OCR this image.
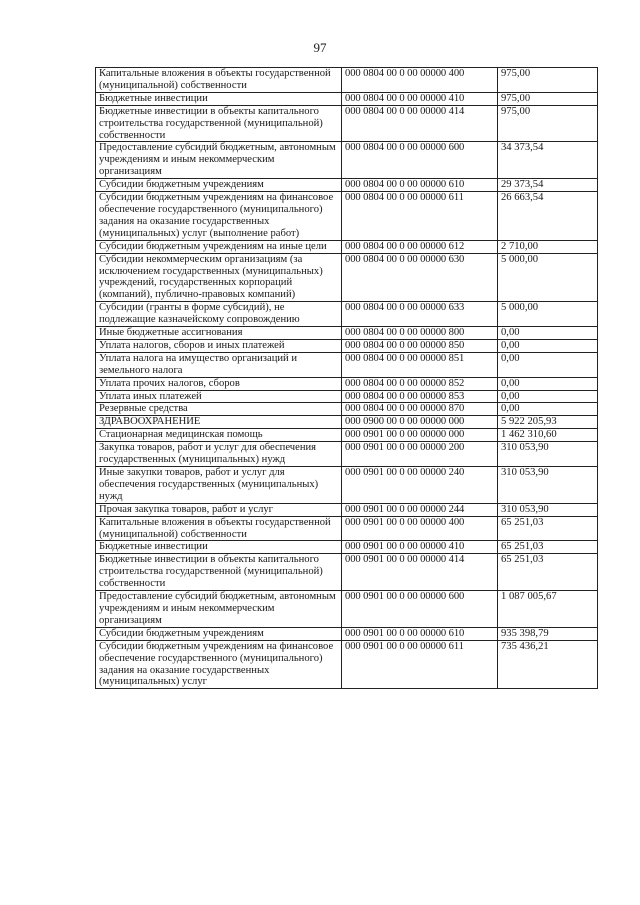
97
Капитальные вложения в объекты государственной (муниципальной) собственности	000 0804 00 0 00 00000 400	975,00
Бюджетные инвестиции	000 0804 00 0 00 00000 410	975,00
Бюджетные инвестиции в объекты капитального строительства государственной (муниципальной) собственности	000 0804 00 0 00 00000 414	975,00
Предоставление субсидий бюджетным, автономным учреждениям и иным некоммерческим организациям	000 0804 00 0 00 00000 600	34 373,54
Субсидии бюджетным учреждениям	000 0804 00 0 00 00000 610	29 373,54
Субсидии бюджетным учреждениям на финансовое обеспечение государственного (муниципального) задания на оказание государственных (муниципальных) услуг (выполнение работ)	000 0804 00 0 00 00000 611	26 663,54
Субсидии бюджетным учреждениям на иные цели	000 0804 00 0 00 00000 612	2 710,00
Субсидии некоммерческим организациям (за исключением государственных (муниципальных) учреждений, государственных корпораций (компаний), публично-правовых компаний)	000 0804 00 0 00 00000 630	5 000,00
Субсидии (гранты в форме субсидий), не подлежащие казначейскому сопровождению	000 0804 00 0 00 00000 633	5 000,00
Иные бюджетные ассигнования	000 0804 00 0 00 00000 800	0,00
Уплата налогов, сборов и иных платежей	000 0804 00 0 00 00000 850	0,00
Уплата налога на имущество организаций и земельного налога	000 0804 00 0 00 00000 851	0,00
Уплата прочих налогов, сборов	000 0804 00 0 00 00000 852	0,00
Уплата иных платежей	000 0804 00 0 00 00000 853	0,00
Резервные средства	000 0804 00 0 00 00000 870	0,00
ЗДРАВООХРАНЕНИЕ	000 0900 00 0 00 00000 000	5 922 205,93
Стационарная медицинская помощь	000 0901 00 0 00 00000 000	1 462 310,60
Закупка товаров, работ и услуг для обеспечения государственных (муниципальных) нужд	000 0901 00 0 00 00000 200	310 053,90
Иные закупки товаров, работ и услуг для обеспечения государственных (муниципальных) нужд	000 0901 00 0 00 00000 240	310 053,90
Прочая закупка товаров, работ и услуг	000 0901 00 0 00 00000 244	310 053,90
Капитальные вложения в объекты государственной (муниципальной) собственности	000 0901 00 0 00 00000 400	65 251,03
Бюджетные инвестиции	000 0901 00 0 00 00000 410	65 251,03
Бюджетные инвестиции в объекты капитального строительства государственной (муниципальной) собственности	000 0901 00 0 00 00000 414	65 251,03
Предоставление субсидий бюджетным, автономным учреждениям и иным некоммерческим организациям	000 0901 00 0 00 00000 600	1 087 005,67
Субсидии бюджетным учреждениям	000 0901 00 0 00 00000 610	935 398,79
Субсидии бюджетным учреждениям на финансовое обеспечение государственного (муниципального) задания на оказание государственных (муниципальных) услуг	000 0901 00 0 00 00000 611	735 436,21
